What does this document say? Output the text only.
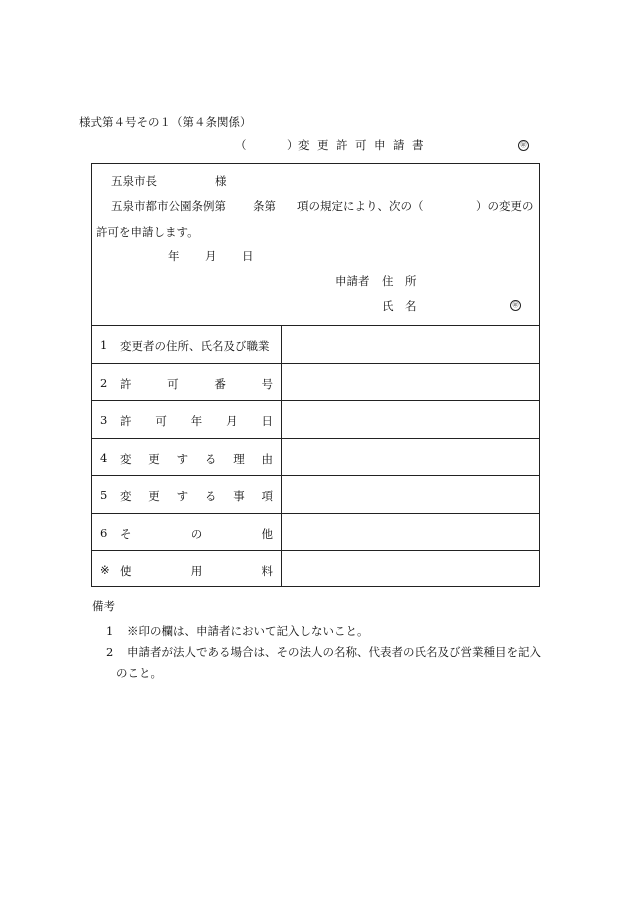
様式第４号その１（第４条関係）
（	） 変 更 許 可 申 請 書	㊞
五泉市長	様
五泉市都市公園条例第 条第 項の規定により、次の（	）の変更の
許可を申請します。
年 月 日
申請者 住 所
氏 名	㊞
1 変更者の住所、氏名及び職業
2 許	可	番	号
3 許 可 年 月 日
4 変 更 す る 理 由
5 変 更 す る 事 項
6 そ	の	他
※ 使	用	料
備考
1 ※印の欄は、申請者において記入しないこと。
2 申請者が法人である場合は、その法人の名称、代表者の氏名及び営業種目を記入
のこと。
